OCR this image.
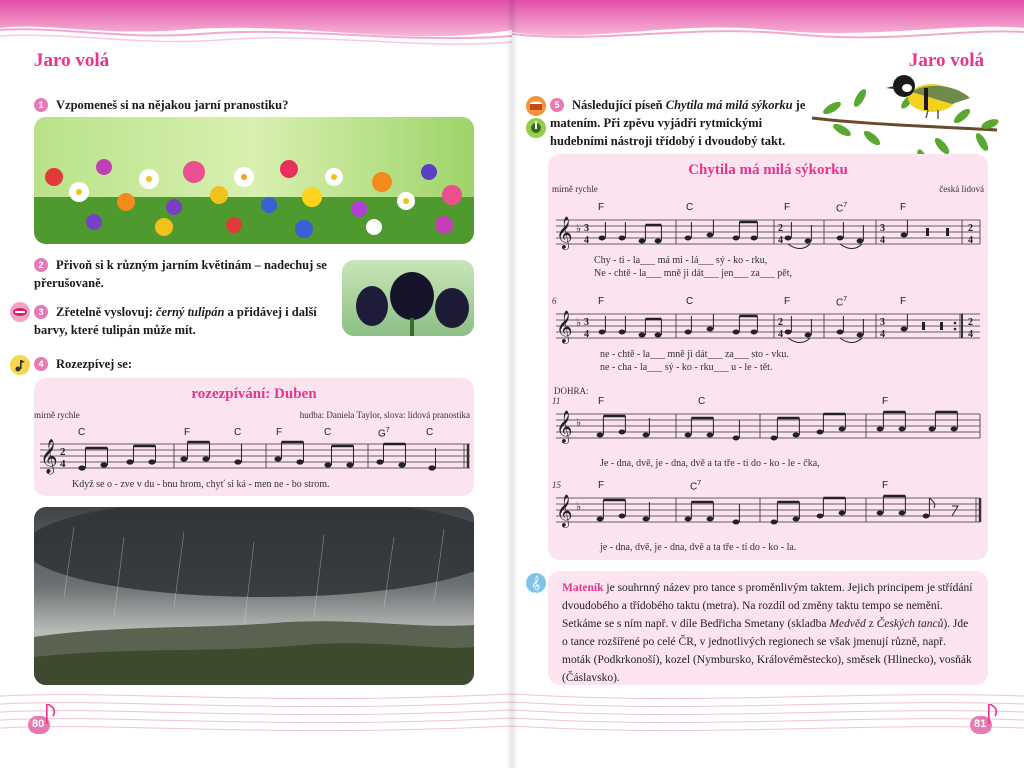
Jaro volá
1 Vzpomeneš si na nějakou jarní pranostiku?
2 Přivoň si k různým jarním květinám – nadechuj se přerušovaně.
3 Zřetelně vyslovuj: černý tulipán a přidávej i další barvy, které tulipán může mít.
4 Rozezpívej se:
rozezpívání: Duben
mírně rychle	hudba: Daniela Taylor, slova: lidová pranostika
C	F	C	F	C	$G^7$	C
𝄞 2
4
Když se o - zve v du - bnu hrom, chyť si ká - men ne - bo strom.
80
Jaro volá
5 Následující píseň Chytila má milá sýkorku je matením. Při zpěvu vyjádři rytmickými hudebními nástroji třídobý i dvoudobý takt.
Chytila má milá sýkorku
mírně rychle	česká lidová
F	C	F	$C^7$	F
𝄞 ♭ 3
4
2
4
3
4
2
4
Chy - ti - la___ má mi - lá___ sý - ko - rku,
Ne - chtě - la___ mně ji dát___ jen___ za___ pět,
6	F	C	F	$C^7$	F
𝄞 ♭ 3
4
2
4
3
4
2
4
ne - chtě - la___ mně ji dát___ za___ sto - vku.
ne - cha - la___ sý - ko - rku___ u - le - tět.
DOHRA:
11	F	C	F
𝄞 ♭
Je - dna, dvě, je - dna, dvě a ta tře - tí do - ko - le - čka,
15	F	$C^7$	F
𝄞 ♭
je - dna, dvě, je - dna, dvě a ta tře - tí do - ko - la.
𝄞	Mateník je souhrnný název pro tance s proměnlivým taktem. Jejich principem je střídání dvoudobého a třídobého taktu (metra). Na rozdíl od změny taktu tempo se nemění. Setkáme se s ním např. v díle Bedřicha Smetany (skladba Medvěd z Českých tanců). Jde o tance rozšířené po celé ČR, v jednotlivých regionech se však jmenují různě, např. moták (Podkrkonoší), kozel (Nymbursko, Královéměstecko), směsek (Hlinecko), vosňák (Čáslavsko).
81
